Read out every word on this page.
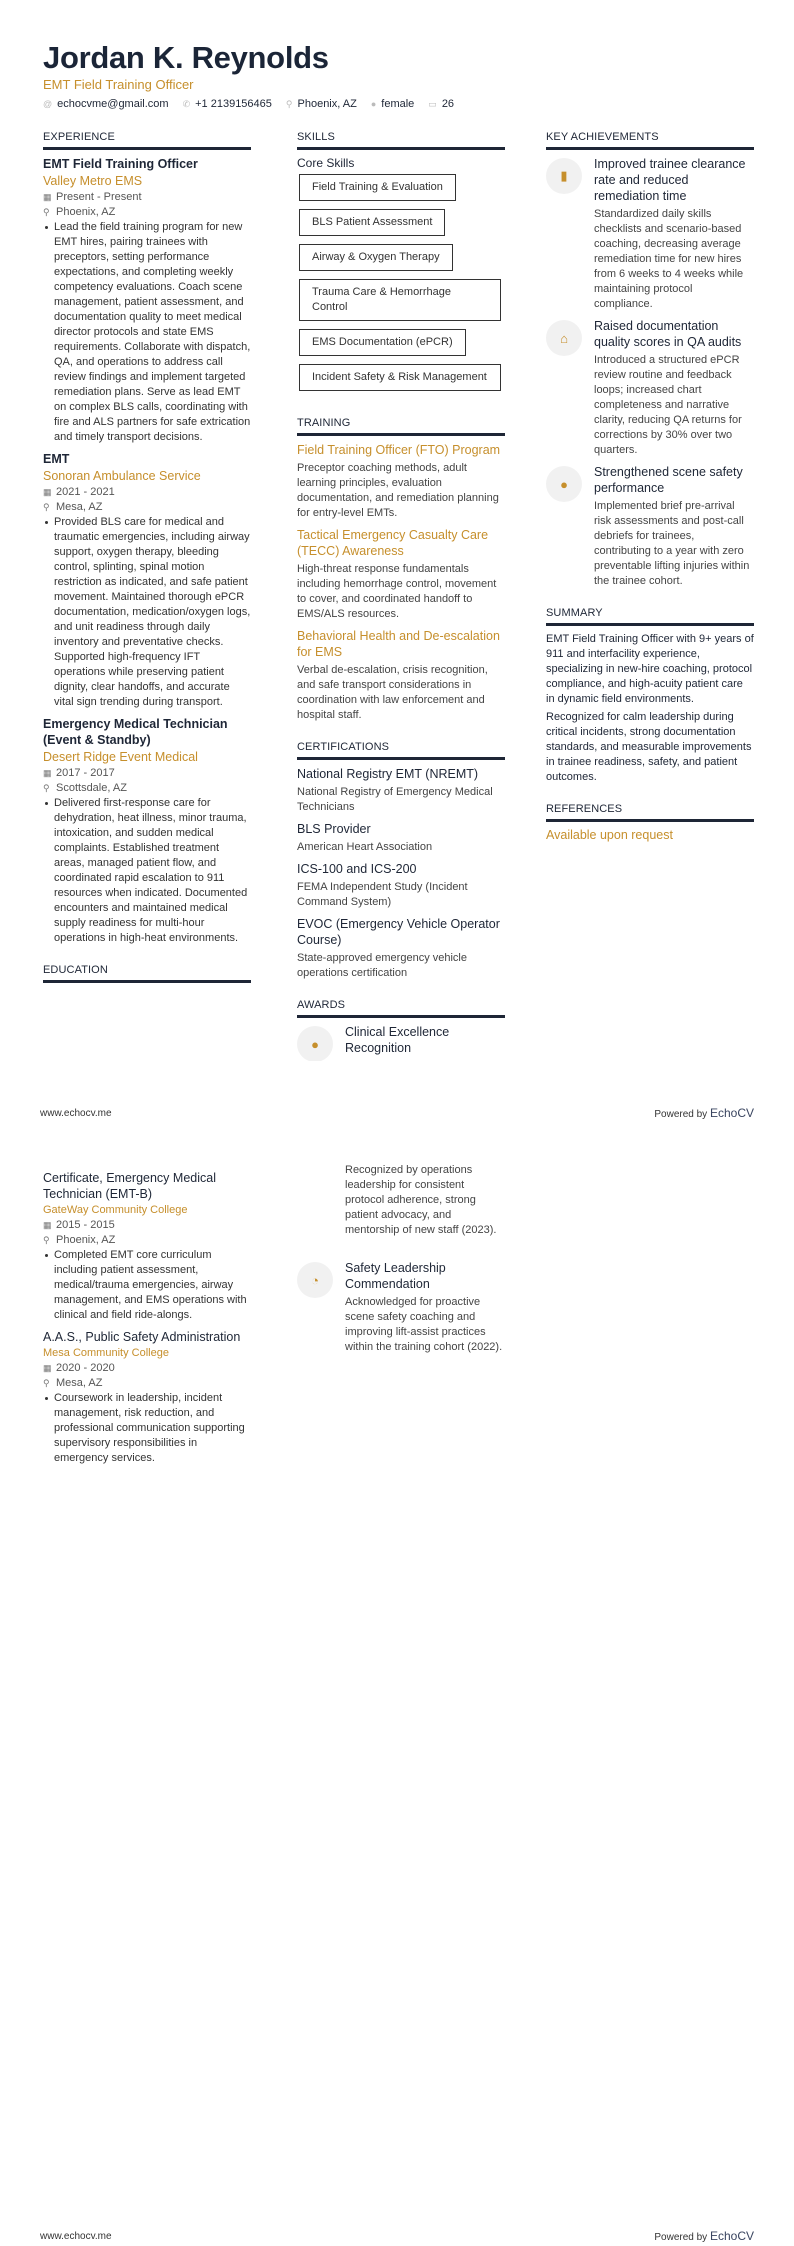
Jordan K. Reynolds
EMT Field Training Officer
@ echocvme@gmail.com ✆ +1 2139156465 ⚲ Phoenix, AZ ● female ▭ 26
EXPERIENCE
EMT Field Training Officer
Valley Metro EMS
▦ Present - Present
⚲ Phoenix, AZ
Lead the field training program for new EMT hires, pairing trainees with preceptors, setting performance expectations, and completing weekly competency evaluations. Coach scene management, patient assessment, and documentation quality to meet medical director protocols and state EMS requirements. Collaborate with dispatch, QA, and operations to address call review findings and implement targeted remediation plans. Serve as lead EMT on complex BLS calls, coordinating with fire and ALS partners for safe extrication and timely transport decisions.
EMT
Sonoran Ambulance Service
▦ 2021 - 2021
⚲ Mesa, AZ
Provided BLS care for medical and traumatic emergencies, including airway support, oxygen therapy, bleeding control, splinting, spinal motion restriction as indicated, and safe patient movement. Maintained thorough ePCR documentation, medication/oxygen logs, and unit readiness through daily inventory and preventative checks. Supported high-frequency IFT operations while preserving patient dignity, clear handoffs, and accurate vital sign trending during transport.
Emergency Medical Technician (Event & Standby)
Desert Ridge Event Medical
▦ 2017 - 2017
⚲ Scottsdale, AZ
Delivered first-response care for dehydration, heat illness, minor trauma, intoxication, and sudden medical complaints. Established treatment areas, managed patient flow, and coordinated rapid escalation to 911 resources when indicated. Documented encounters and maintained medical supply readiness for multi-hour operations in high-heat environments.
EDUCATION
SKILLS
Core Skills
Field Training & Evaluation
BLS Patient Assessment
Airway & Oxygen Therapy
Trauma Care & Hemorrhage Control
EMS Documentation (ePCR)
Incident Safety & Risk Management
TRAINING
Field Training Officer (FTO) Program
Preceptor coaching methods, adult learning principles, evaluation documentation, and remediation planning for entry-level EMTs.
Tactical Emergency Casualty Care (TECC) Awareness
High-threat response fundamentals including hemorrhage control, movement to cover, and coordinated handoff to EMS/ALS resources.
Behavioral Health and De-escalation for EMS
Verbal de-escalation, crisis recognition, and safe transport considerations in coordination with law enforcement and hospital staff.
CERTIFICATIONS
National Registry EMT (NREMT)
National Registry of Emergency Medical Technicians
BLS Provider
American Heart Association
ICS-100 and ICS-200
FEMA Independent Study (Incident Command System)
EVOC (Emergency Vehicle Operator Course)
State-approved emergency vehicle operations certification
AWARDS
●
Clinical Excellence Recognition
KEY ACHIEVEMENTS
▮
Improved trainee clearance rate and reduced remediation time
Standardized daily skills checklists and scenario-based coaching, decreasing average remediation time for new hires from 6 weeks to 4 weeks while maintaining protocol compliance.
⌂
Raised documentation quality scores in QA audits
Introduced a structured ePCR review routine and feedback loops; increased chart completeness and narrative clarity, reducing QA returns for corrections by 30% over two quarters.
●
Strengthened scene safety performance
Implemented brief pre-arrival risk assessments and post-call debriefs for trainees, contributing to a year with zero preventable lifting injuries within the trainee cohort.
SUMMARY
EMT Field Training Officer with 9+ years of 911 and interfacility experience, specializing in new-hire coaching, protocol compliance, and high-acuity patient care in dynamic field environments.
Recognized for calm leadership during critical incidents, strong documentation standards, and measurable improvements in trainee readiness, safety, and patient outcomes.
REFERENCES
Available upon request
www.echocv.me	Powered by EchoCV
Certificate, Emergency Medical Technician (EMT-B)
GateWay Community College
▦ 2015 - 2015
⚲ Phoenix, AZ
Completed EMT core curriculum including patient assessment, medical/trauma emergencies, airway management, and EMS operations with clinical and field ride-alongs.
A.A.S., Public Safety Administration
Mesa Community College
▦ 2020 - 2020
⚲ Mesa, AZ
Coursework in leadership, incident management, risk reduction, and professional communication supporting supervisory responsibilities in emergency services.
Recognized by operations leadership for consistent protocol adherence, strong patient advocacy, and mentorship of new staff (2023).
◔
Safety Leadership Commendation
Acknowledged for proactive scene safety coaching and improving lift-assist practices within the training cohort (2022).
www.echocv.me	Powered by EchoCV
